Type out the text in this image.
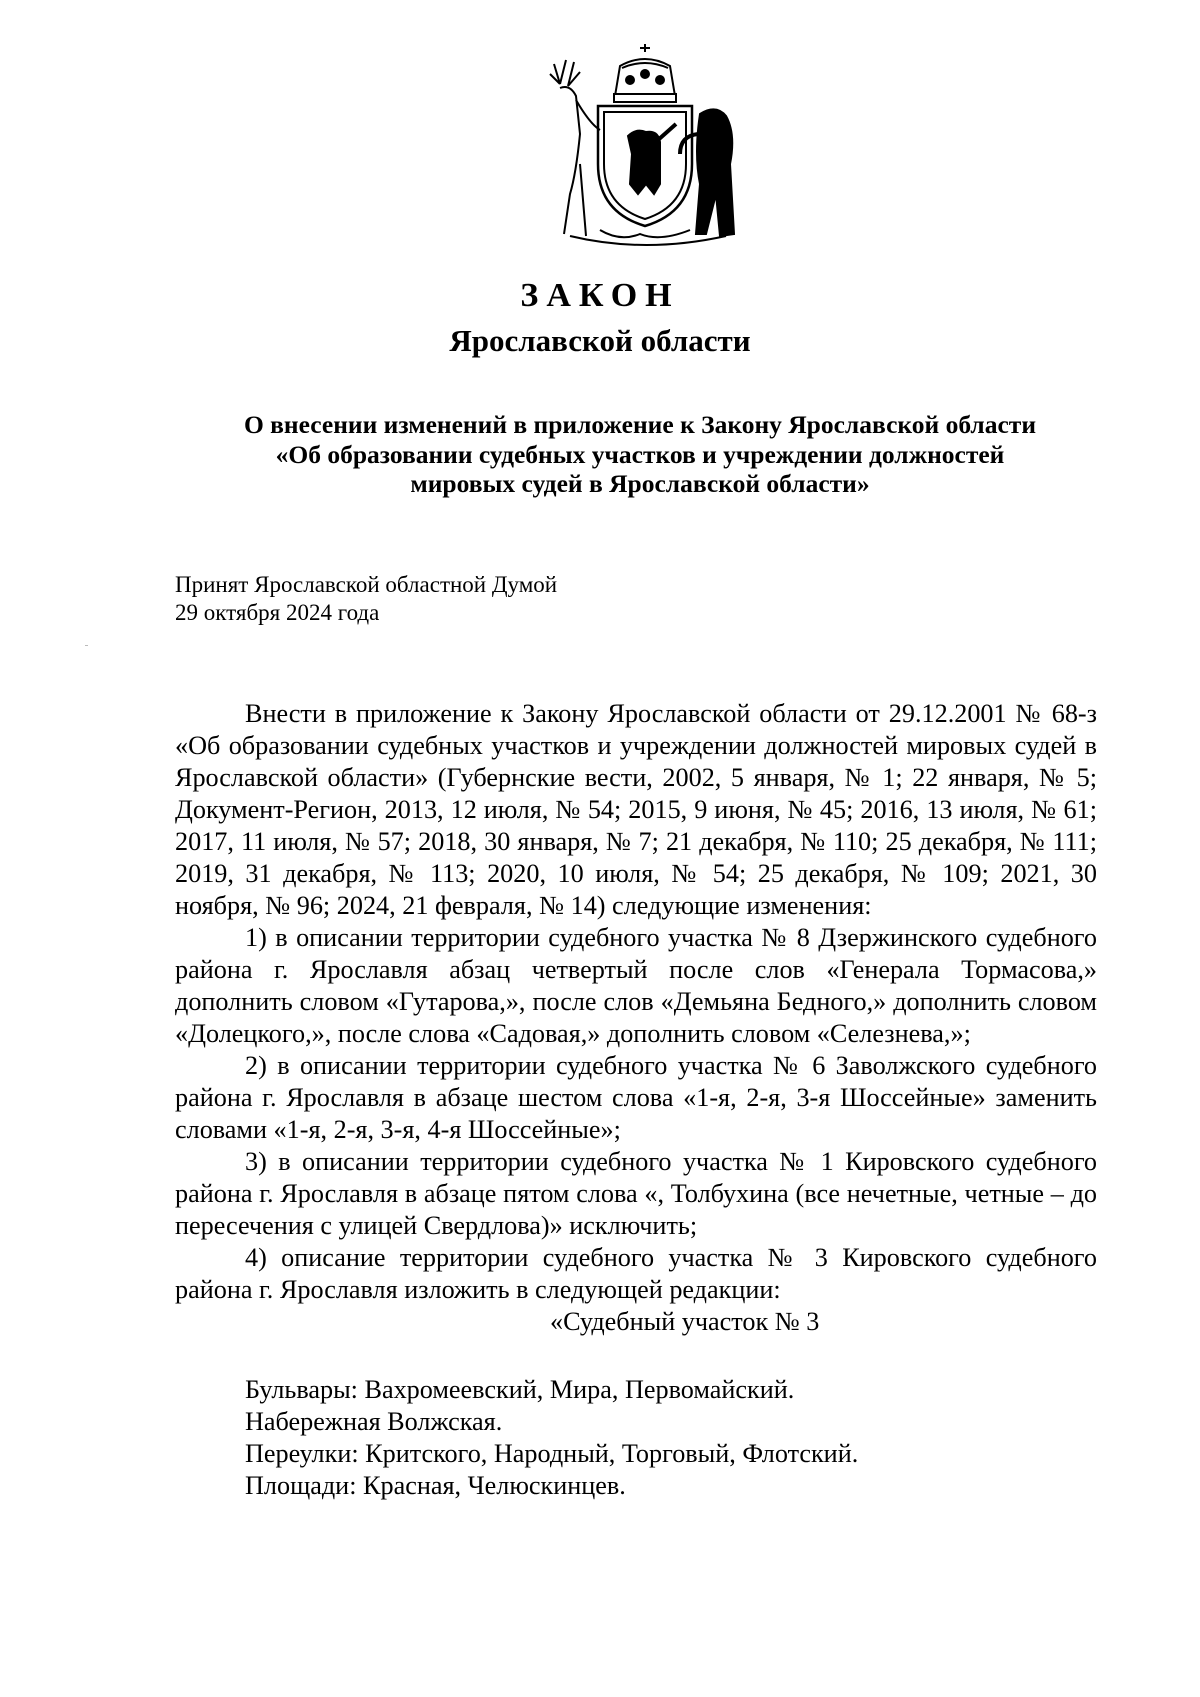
ЗАКОН
Ярославской области
О внесении изменений в приложение к Закону Ярославской области
«Об образовании судебных участков и учреждении должностей
мировых судей в Ярославской области»
Принят Ярославской областной Думой
29 октября 2024 года

Внести в приложение к Закону Ярославской области от 29.12.2001 № 68-з «Об образовании судебных участков и учреждении должностей мировых судей в Ярославской области» (Губернские вести, 2002, 5 января, № 1; 22 января, № 5; Документ-Регион, 2013, 12 июля, № 54; 2015, 9 июня, № 45; 2016, 13 июля, № 61; 2017, 11 июля, № 57; 2018, 30 января, № 7; 21 декабря, № 110; 25 декабря, № 111; 2019, 31 декабря, № 113; 2020, 10 июля, № 54; 25 декабря, № 109; 2021, 30 ноября, № 96; 2024, 21 февраля, № 14) следующие изменения:

1) в описании территории судебного участка № 8 Дзержинского судебного района г. Ярославля абзац четвертый после слов «Генерала Тормасова,» дополнить словом «Гутарова,», после слов «Демьяна Бедного,» дополнить словом «Долецкого,», после слова «Садовая,» дополнить словом «Селезнева,»;

2) в описании территории судебного участка № 6 Заволжского судебного района г. Ярославля в абзаце шестом слова «1-я, 2-я, 3-я Шоссейные» заменить словами «1-я, 2-я, 3-я, 4-я Шоссейные»;

3) в описании территории судебного участка № 1 Кировского судебного района г. Ярославля в абзаце пятом слова «, Толбухина (все нечетные, четные – до пересечения с улицей Свердлова)» исключить;

4) описание территории судебного участка № 3 Кировского судебного района г. Ярославля изложить в следующей редакции:

«Судебный участок № 3

Бульвары: Вахромеевский, Мира, Первомайский.

Набережная Волжская.

Переулки: Критского, Народный, Торговый, Флотский.

Площади: Красная, Челюскинцев.
